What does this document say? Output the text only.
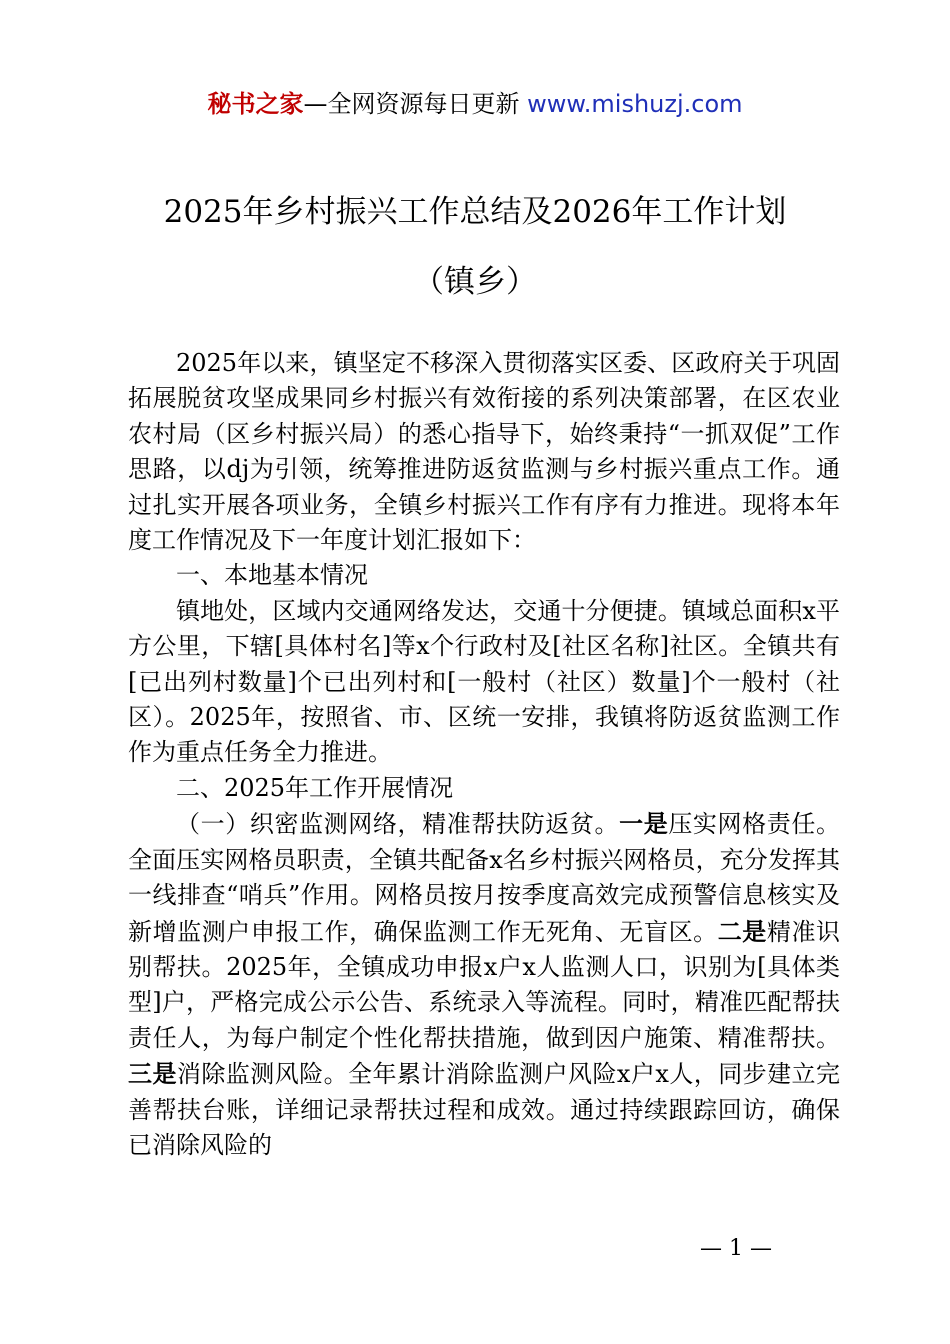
秘书之家—全网资源每日更新 www.mishuzj.com
2025年乡村振兴工作总结及2026年工作计划
（镇乡）

2025年以来，镇坚定不移深入贯彻落实区委、区政府关于巩固拓展脱贫攻坚成果同乡村振兴有效衔接的系列决策部署，在区农业农村局（区乡村振兴局）的悉心指导下，始终秉持“一抓双促”工作思路，以dj为引领，统筹推进防返贫监测与乡村振兴重点工作。通过扎实开展各项业务，全镇乡村振兴工作有序有力推进。现将本年度工作情况及下一年度计划汇报如下：

一、本地基本情况

镇地处，区域内交通网络发达，交通十分便捷。镇域总面积x平方公里，下辖[具体村名]等x个行政村及[社区名称]社区。全镇共有[已出列村数量]个已出列村和[一般村（社区）数量]个一般村（社区）。2025年，按照省、市、区统一安排，我镇将防返贫监测工作作为重点任务全力推进。

二、2025年工作开展情况

（一）织密监测网络，精准帮扶防返贫。一是压实网格责任。全面压实网格员职责，全镇共配备x名乡村振兴网格员，充分发挥其一线排查“哨兵”作用。网格员按月按季度高效完成预警信息核实及新增监测户申报工作，确保监测工作无死角、无盲区。二是精准识别帮扶。2025年，全镇成功申报x户x人监测人口，识别为[具体类型]户，严格完成公示公告、系统录入等流程。同时，精准匹配帮扶责任人，为每户制定个性化帮扶措施，做到因户施策、精准帮扶。三是消除监测风险。全年累计消除监测户风险x户x人，同步建立完善帮扶台账，详细记录帮扶过程和成效。通过持续跟踪回访，确保已消除风险的

— 1 —
